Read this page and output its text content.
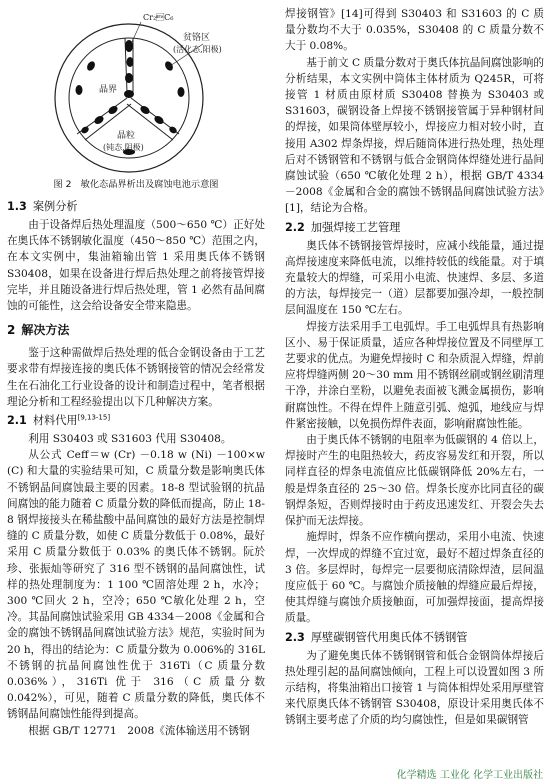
Cr₂C₆
晶界
贫铬区
(活化态,阳极)
晶粒
(钝态,阴极)
图 2　敏化态晶界析出及腐蚀电池示意图
1.3 案例分析

由于设备焊后热处理温度（500～650 ℃）正好处在奥氏体不锈钢敏化温度（450～850 ℃）范围之内，在本文实例中，集油箱输出管 1 采用奥氏体不锈钢 S30408，如果在设备进行焊后热处理之前将接管焊接完毕，并且随设备进行焊后热处理，管 1 必然有晶间腐蚀的可能性，这会给设备安全带来隐患。

2 解决方法

鉴于这种需做焊后热处理的低合金钢设备由于工艺要求带有焊接连接的奥氏体不锈钢接管的情况会经常发生在石油化工行业设备的设计和制造过程中，笔者根据理论分析和工程经验提出以下几种解决方案。

2.1 材料代用[9,13-15]

利用 S30403 或 S31603 代用 S30408。

从公式 Ceff＝w (Cr) －0.18 w (Ni) －100×w (C) 和大量的实验结果可知，C 质量分数是影响奥氏体不锈钢晶间腐蚀最主要的因素。18-8 型试验钢的抗晶间腐蚀的能力随着 C 质量分数的降低而提高，防止 18-8 钢焊接接头在稀盐酸中晶间腐蚀的最好方法是控制焊缝的 C 质量分数，如使 C 质量分数低于 0.08%，最好采用 C 质量分数低于 0.03% 的奥氏体不锈钢。阮於珍、张振灿等研究了 316 型不锈钢的晶间腐蚀性，试样的热处理制度为：1 100 ℃固溶处理 2 h，水冷；300 ℃回火 2 h，空冷；650 ℃敏化处理 2 h，空冷。其晶间腐蚀试验采用 GB 4334－2008《金属和合金的腐蚀不锈钢晶间腐蚀试验方法》规范，实验时间为 20 h，得出的结论为：C 质量分数为 0.006%的 316L 不锈钢的抗晶间腐蚀性优于 316Ti（C 质量分数 0.036%），316Ti 优于 316（C 质量分数 0.042%），可见，随着 C 质量分数的降低，奥氏体不锈钢晶间腐蚀性能得到提高。

根据 GB/T 12771　2008《流体输送用不锈钢

焊接钢管》[14]可得到 S30403 和 S31603 的 C 质量分数均不大于 0.035%，S30408 的 C 质量分数不大于 0.08%。

基于前文 C 质量分数对于奥氏体抗晶间腐蚀影响的分析结果，本文实例中筒体主体材质为 Q245R，可将接管 1 材质由原材质 S30408 替换为 S30403 或 S31603，碳钢设备上焊接不锈钢接管属于异种钢材间的焊接，如果筒体壁厚较小，焊接应力相对较小时，直接用 A302 焊条焊接，焊后随筒体进行热处理，热处理后对不锈钢管和不锈钢与低合金钢筒体焊缝处进行晶间腐蚀试验（650 ℃敏化处理 2 h），根据 GB/T 4334－2008《金属和合金的腐蚀不锈钢晶间腐蚀试验方法》[1]，结论为合格。

2.2 加强焊接工艺管理

奥氏体不锈钢接管焊接时，应减小线能量，通过提高焊接速度来降低电流，以维持较低的线能量。对于填充量较大的焊缝，可采用小电流、快速焊、多层、多道的方法，每焊接完一（道）层都要加强冷却，一般控制层间温度在 150 ℃左右。

焊接方法采用手工电弧焊。手工电弧焊具有热影响区小、易于保证质量，适应各种焊接位置及不同壁厚工艺要求的优点。为避免焊接时 C 和杂质混入焊缝，焊前应将焊缝两侧 20～30 mm 用不锈钢丝刷或钢丝刷清理干净，并涂白垩粉，以避免表面被飞溅金属损伤，影响耐腐蚀性。不得在焊件上随意引弧、熄弧，地线应与焊件紧密接触，以免损伤焊件表面，影响耐腐蚀性能。

由于奥氏体不锈钢的电阻率为低碳钢的 4 倍以上，焊接时产生的电阻热较大，药皮容易发红和开裂，所以同样直径的焊条电流值应比低碳钢降低 20%左右，一般是焊条直径的 25～30 倍。焊条长度亦比同直径的碳钢焊条短，否则焊接时由于药皮迅速发红、开裂会失去保护而无法焊接。

施焊时，焊条不应作横向摆动，采用小电流、快速焊，一次焊成的焊缝不宜过宽，最好不超过焊条直径的 3 倍。多层焊时，每焊完一层要彻底清除焊渣，层间温度应低于 60 ℃。与腐蚀介质接触的焊缝应最后焊接，使其焊缝与腐蚀介质接触面，可加强焊接面，提高焊接质量。

2.3 厚壁碳钢管代用奥氏体不锈钢管

为了避免奥氏体不锈钢钢管和低合金钢筒体焊接后热处理引起的晶间腐蚀倾向，工程上可以设置如图 3 所示结构，将集油箱出口接管 1 与筒体相焊处采用厚壁管来代原奥氏体不锈钢管 S30408，原设计采用奥氏体不锈钢主要考虑了介质的均匀腐蚀性，但是如果碳钢管

化学精选 工业化 化学工业出版社
